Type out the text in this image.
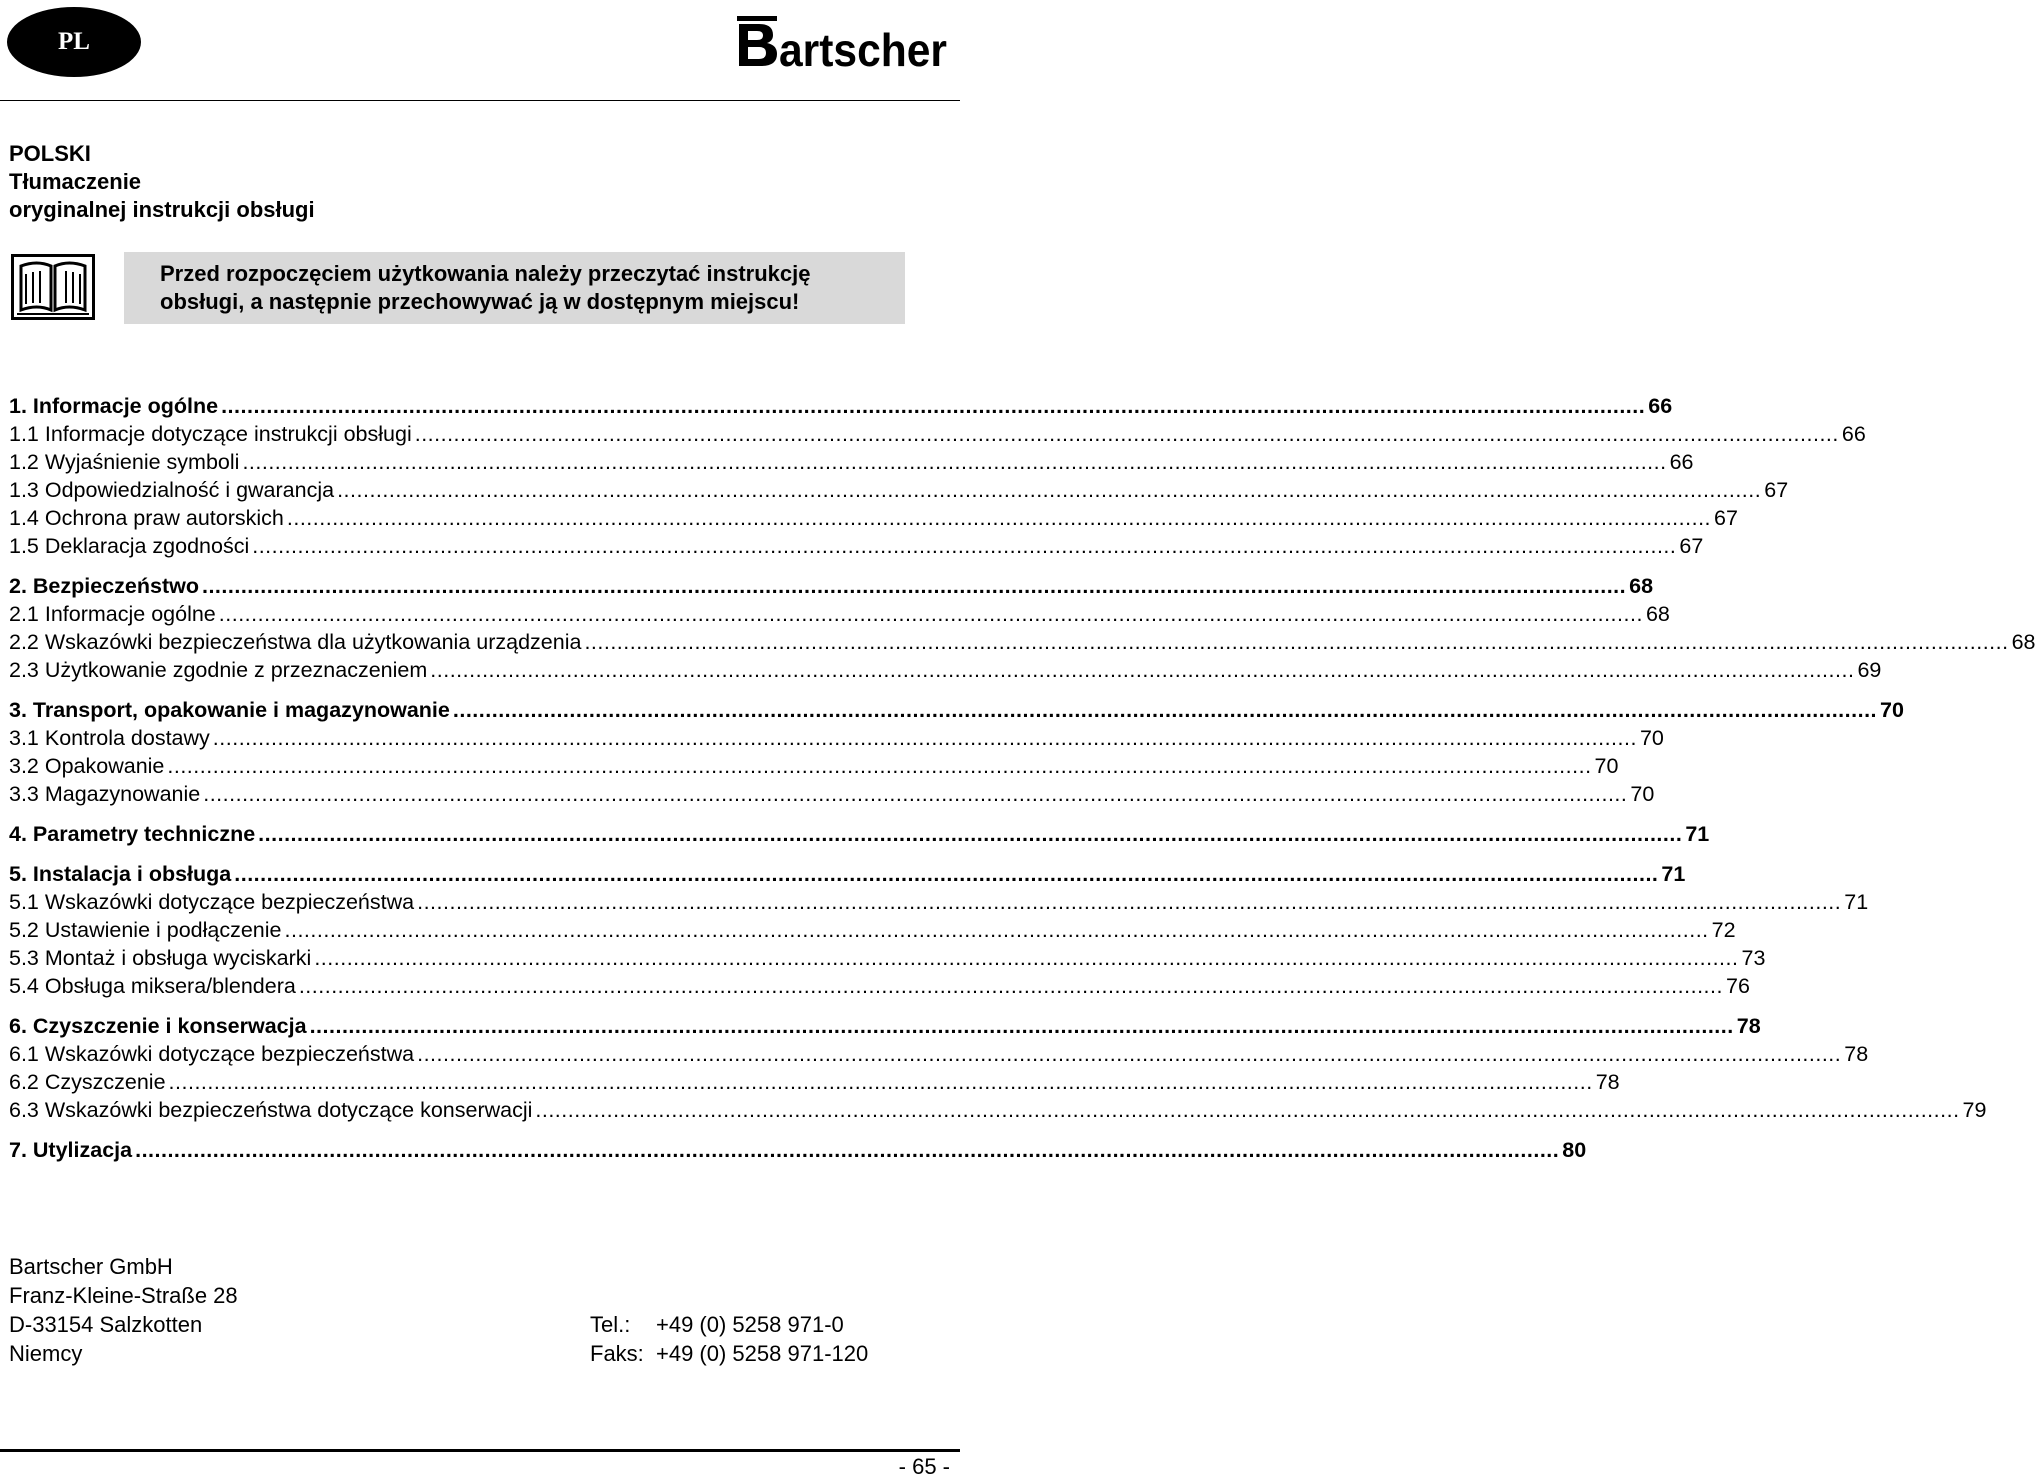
PL	artscher
POLSKI
Tłumaczenie
oryginalnej instrukcji obsługi
Przed rozpoczęciem użytkowania należy przeczytać instrukcję
obsługi, a następnie przechowywać ją w dostępnym miejscu!
1. Informacje ogólne ............................................................................................................................................................................................................................ 66
1.1 Informacje dotyczące instrukcji obsługi ............................................................................................................................................................................................................................ 66
1.2 Wyjaśnienie symboli ............................................................................................................................................................................................................................ 66
1.3 Odpowiedzialność i gwarancja ............................................................................................................................................................................................................................ 67
1.4 Ochrona praw autorskich ............................................................................................................................................................................................................................ 67
1.5 Deklaracja zgodności ............................................................................................................................................................................................................................ 67
2. Bezpieczeństwo ............................................................................................................................................................................................................................ 68
2.1 Informacje ogólne ............................................................................................................................................................................................................................ 68
2.2 Wskazówki bezpieczeństwa dla użytkowania urządzenia ............................................................................................................................................................................................................................ 68
2.3 Użytkowanie zgodnie z przeznaczeniem ............................................................................................................................................................................................................................ 69
3. Transport, opakowanie i magazynowanie ............................................................................................................................................................................................................................ 70
3.1 Kontrola dostawy ............................................................................................................................................................................................................................ 70
3.2 Opakowanie ............................................................................................................................................................................................................................ 70
3.3 Magazynowanie ............................................................................................................................................................................................................................ 70
4. Parametry techniczne ............................................................................................................................................................................................................................ 71
5. Instalacja i obsługa ............................................................................................................................................................................................................................ 71
5.1 Wskazówki dotyczące bezpieczeństwa ............................................................................................................................................................................................................................ 71
5.2 Ustawienie i podłączenie ............................................................................................................................................................................................................................ 72
5.3 Montaż i obsługa wyciskarki ............................................................................................................................................................................................................................ 73
5.4 Obsługa miksera/blendera ............................................................................................................................................................................................................................ 76
6. Czyszczenie i konserwacja ............................................................................................................................................................................................................................ 78
6.1 Wskazówki dotyczące bezpieczeństwa ............................................................................................................................................................................................................................ 78
6.2 Czyszczenie ............................................................................................................................................................................................................................ 78
6.3 Wskazówki bezpieczeństwa dotyczące konserwacji ............................................................................................................................................................................................................................ 79
7. Utylizacja ............................................................................................................................................................................................................................ 80
Bartscher GmbH
Franz-Kleine-Straße 28
D-33154 Salzkotten
Niemcy
Tel.:	+49 (0) 5258 971-0
Faks: +49 (0) 5258 971-120
- 65 -
